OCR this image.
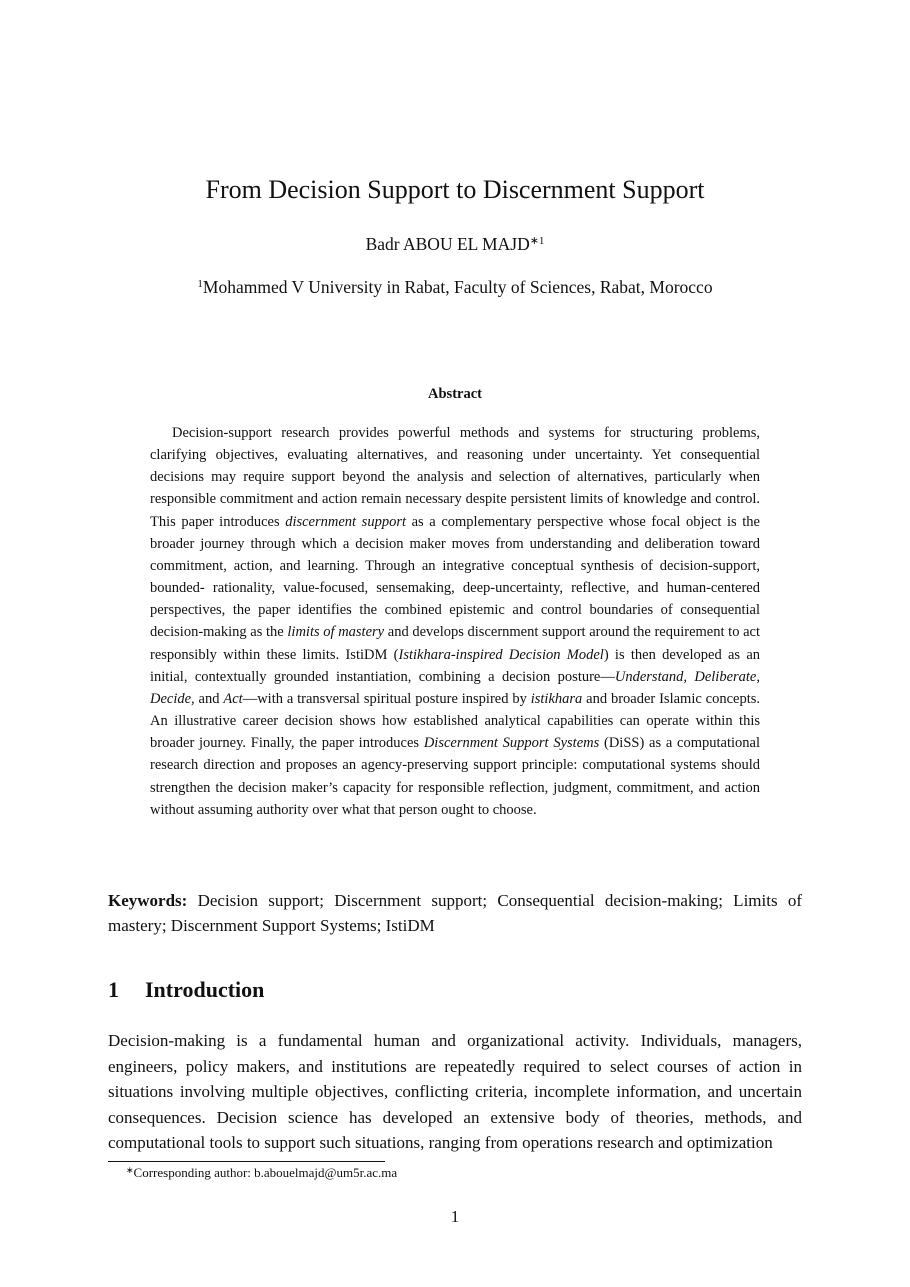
From Decision Support to Discernment Support
Badr ABOU EL $MAJD^{∗1}$
$^1$Mohammed V University in Rabat, Faculty of Sciences, Rabat, Morocco
Abstract

Decision-support research provides powerful methods and systems for structuring problems, clarifying objectives, evaluating alternatives, and reasoning under uncertainty. Yet consequential decisions may require support beyond the analysis and selection of alternatives, particularly when responsible commitment and action remain necessary despite persistent limits of knowledge and control. This paper introduces discernment support as a complementary perspective whose focal object is the broader journey through which a decision maker moves from understanding and deliberation toward commitment, action, and learning. Through an integrative conceptual synthesis of decision-support, bounded- rationality, value-focused, sensemaking, deep-uncertainty, reflective, and human-centered perspectives, the paper identifies the combined epistemic and control boundaries of consequential decision-making as the limits of mastery and develops discernment support around the requirement to act responsibly within these limits. IstiDM (Istikhara-inspired Decision Model) is then developed as an initial, contextually grounded instantiation, combining a decision posture—Understand, Deliberate, Decide, and Act—with a transversal spiritual posture inspired by istikhara and broader Islamic concepts. An illustrative career decision shows how established analytical capabilities can operate within this broader journey. Finally, the paper introduces Discernment Support Systems (DiSS) as a computational research direction and proposes an agency-preserving support principle: computational systems should strengthen the decision maker’s capacity for responsible reflection, judgment, commitment, and action without assuming authority over what that person ought to choose.

Keywords: Decision support; Discernment support; Consequential decision-making; Limits of mastery; Discernment Support Systems; IstiDM

1 Introduction

Decision-making is a fundamental human and organizational activity. Individuals, managers, engineers, policy makers, and institutions are repeatedly required to select courses of action in situations involving multiple objectives, conflicting criteria, incomplete information, and uncertain consequences. Decision science has developed an extensive body of theories, methods, and computational tools to support such situations, ranging from operations research and optimization

∗Corresponding author: b.abouelmajd@um5r.ac.ma
1
